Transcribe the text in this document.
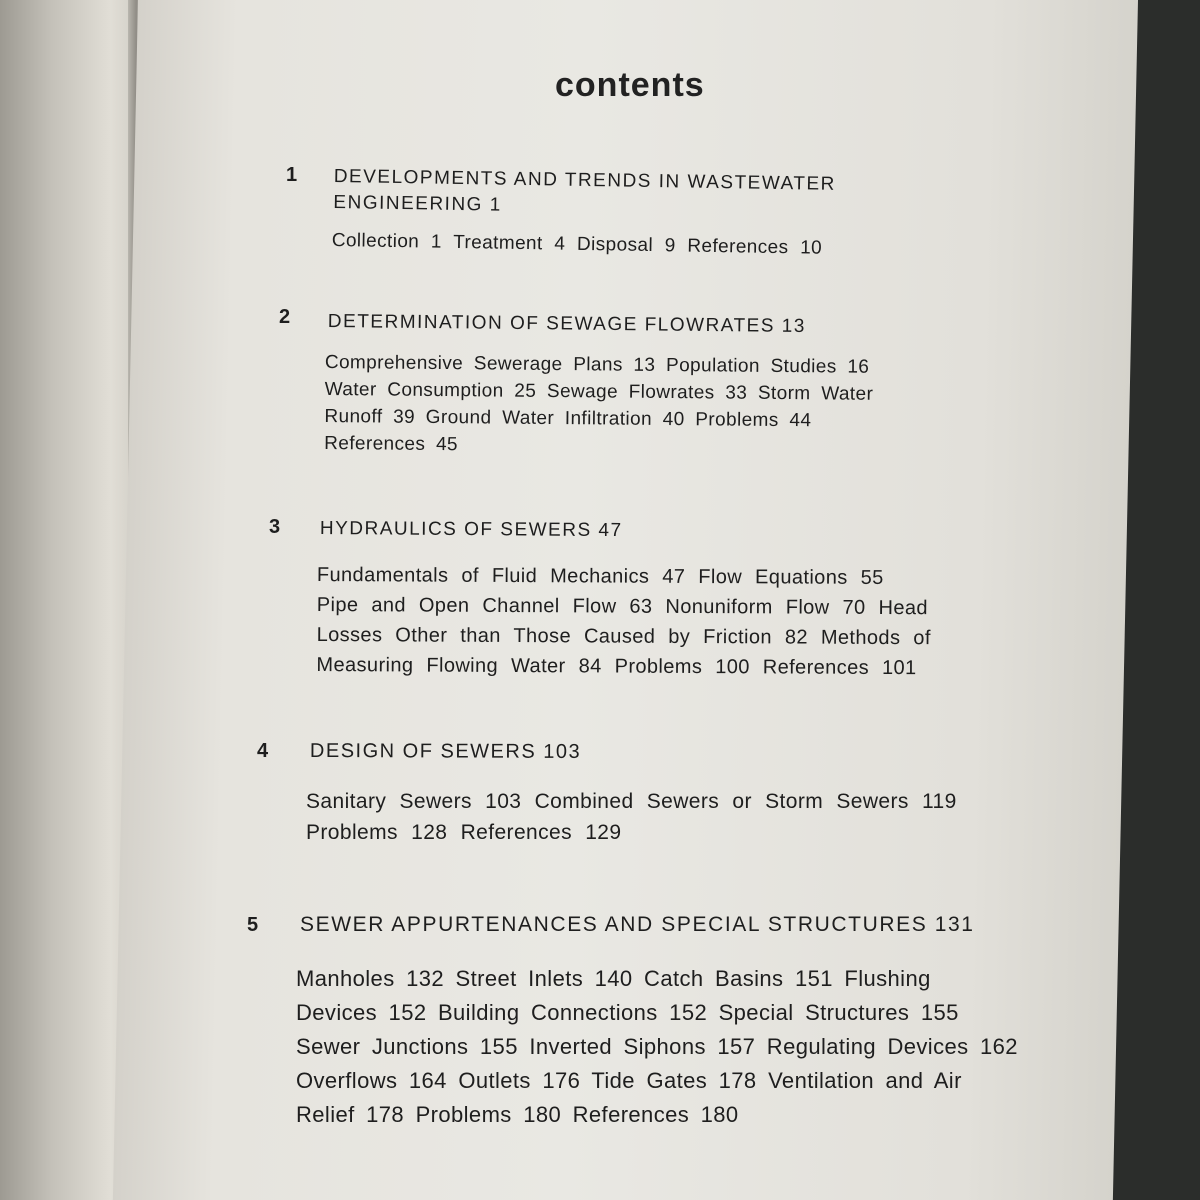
contents
1 DEVELOPMENTS AND TRENDS IN WASTEWATER
ENGINEERING 1
Collection 1 Treatment 4 Disposal 9 References 10
2 DETERMINATION OF SEWAGE FLOWRATES 13
Comprehensive Sewerage Plans 13 Population Studies 16
Water Consumption 25 Sewage Flowrates 33 Storm Water
Runoff 39 Ground Water Infiltration 40 Problems 44
References 45
3 HYDRAULICS OF SEWERS 47
Fundamentals of Fluid Mechanics 47 Flow Equations 55
Pipe and Open Channel Flow 63 Nonuniform Flow 70 Head
Losses Other than Those Caused by Friction 82 Methods of
Measuring Flowing Water 84 Problems 100 References 101
4 DESIGN OF SEWERS 103
Sanitary Sewers 103 Combined Sewers or Storm Sewers 119
Problems 128 References 129
5 SEWER APPURTENANCES AND SPECIAL STRUCTURES 131
Manholes 132 Street Inlets 140 Catch Basins 151 Flushing
Devices 152 Building Connections 152 Special Structures 155
Sewer Junctions 155 Inverted Siphons 157 Regulating Devices 162
Overflows 164 Outlets 176 Tide Gates 178 Ventilation and Air
Relief 178 Problems 180 References 180
